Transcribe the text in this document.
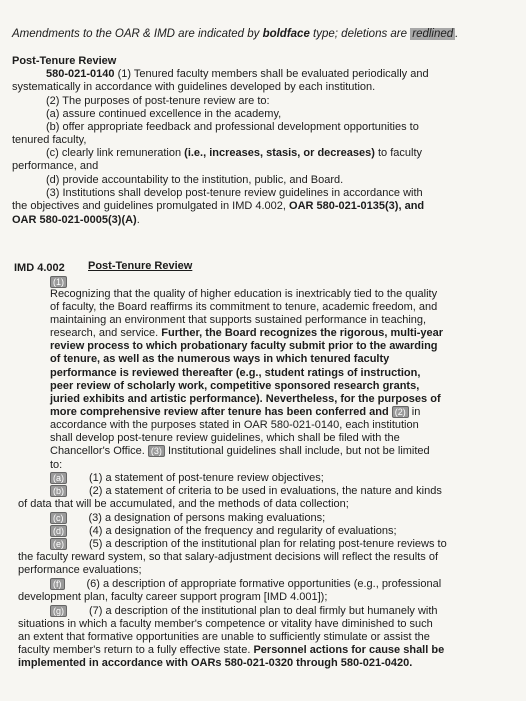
Amendments to the OAR & IMD are indicated by boldface type; deletions are redlined .
Post-Tenure Review
580-021-0140 (1) Tenured faculty members shall be evaluated periodically and
systematically in accordance with guidelines developed by each institution.
(2) The purposes of post-tenure review are to:
(a) assure continued excellence in the academy,
(b) offer appropriate feedback and professional development opportunities to
tenured faculty,
(c) clearly link remuneration (i.e., increases, stasis, or decreases) to faculty
performance, and
(d) provide accountability to the institution, public, and Board.
(3) Institutions shall develop post-tenure review guidelines in accordance with
the objectives and guidelines promulgated in IMD 4.002, OAR 580-021-0135(3), and
OAR 580-021-0005(3)(A).
IMD 4.002 Post-Tenure Review
(1)
Recognizing that the quality of higher education is inextricably tied to the quality
of faculty, the Board reaffirms its commitment to tenure, academic freedom, and
maintaining an environment that supports sustained performance in teaching,
research, and service. Further, the Board recognizes the rigorous, multi-year
review process to which probationary faculty submit prior to the awarding
of tenure, as well as the numerous ways in which tenured faculty
performance is reviewed thereafter (e.g., student ratings of instruction,
peer review of scholarly work, competitive sponsored research grants,
juried exhibits and artistic performance). Nevertheless, for the purposes of
more comprehensive review after tenure has been conferred and (2) in
accordance with the purposes stated in OAR 580-021-0140, each institution
shall develop post-tenure review guidelines, which shall be filed with the
Chancellor's Office. (3) Institutional guidelines shall include, but not be limited
to:
(a) (1) a statement of post-tenure review objectives;
(b) (2) a statement of criteria to be used in evaluations, the nature and kinds
of data that will be accumulated, and the methods of data collection;
(c) (3) a designation of persons making evaluations;
(d) (4) a designation of the frequency and regularity of evaluations;
(e) (5) a description of the institutional plan for relating post-tenure reviews to
the faculty reward system, so that salary-adjustment decisions will reflect the results of
performance evaluations;
(f) (6) a description of appropriate formative opportunities (e.g., professional
development plan, faculty career support program [IMD 4.001]);
(g) (7) a description of the institutional plan to deal firmly but humanely with
situations in which a faculty member's competence or vitality have diminished to such
an extent that formative opportunities are unable to sufficiently stimulate or assist the
faculty member's return to a fully effective state. Personnel actions for cause shall be
implemented in accordance with OARs 580-021-0320 through 580-021-0420.
